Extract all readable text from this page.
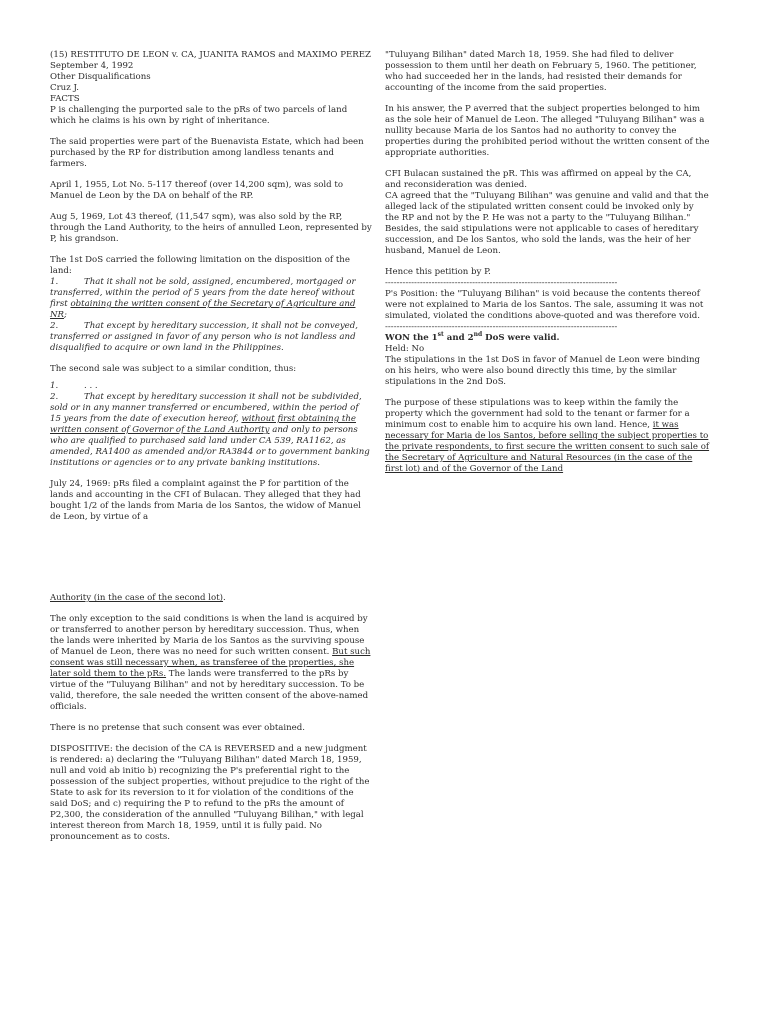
(15) RESTITUTO DE LEON v. CA, JUANITA RAMOS and MAXIMO PEREZ

September 4, 1992

Other Disqualifications

Cruz J.

FACTS

P is challenging the purported sale to the pRs of two parcels of land which he claims is his own by right of inheritance.

The said properties were part of the Buenavista Estate, which had been purchased by the RP for distribution among landless tenants and farmers.

April 1, 1955, Lot No. 5-117 thereof (over 14,200 sqm), was sold to Manuel de Leon by the DA on behalf of the RP.

Aug 5, 1969, Lot 43 thereof, (11,547 sqm), was also sold by the RP, through the Land Authority, to the heirs of annulled Leon, represented by P, his grandson.

The 1st DoS carried the following limitation on the disposition of the land:

1.	That it shall not be sold, assigned, encumbered, mortgaged or transferred, within the period of 5 years from the date hereof without first obtaining the written consent of the Secretary of Agriculture and NR;

2.	That except by hereditary succession, it shall not be conveyed, transferred or assigned in favor of any person who is not landless and disqualified to acquire or own land in the Philippines.

The second sale was subject to a similar condition, thus:

1.	. . .

2.	That except by hereditary succession it shall not be subdivided, sold or in any manner transferred or encumbered, within the period of 15 years from the date of execution hereof, without first obtaining the written consent of Governor of the Land Authority and only to persons who are qualified to purchased said land under CA 539, RA1162, as amended, RA1400 as amended and/or RA3844 or to government banking institutions or agencies or to any private banking institutions.

July 24, 1969: pRs filed a complaint against the P for partition of the lands and accounting in the CFI of Bulacan. They alleged that they had bought 1/2 of the lands from Maria de los Santos, the widow of Manuel de Leon, by virtue of a

"Tuluyang Bilihan" dated March 18, 1959. She had filed to deliver possession to them until her death on February 5, 1960. The petitioner, who had succeeded her in the lands, had resisted their demands for accounting of the income from the said properties.

In his answer, the P averred that the subject properties belonged to him as the sole heir of Manuel de Leon. The alleged "Tuluyang Bilihan" was a nullity because Maria de los Santos had no authority to convey the properties during the prohibited period without the written consent of the appropriate authorities.

CFI Bulacan sustained the pR. This was affirmed on appeal by the CA, and reconsideration was denied.

CA agreed that the "Tuluyang Bilihan" was genuine and valid and that the alleged lack of the stipulated written consent could be invoked only by the RP and not by the P. He was not a party to the "Tuluyang Bilihan." Besides, the said stipulations were not applicable to cases of hereditary succession, and De los Santos, who sold the lands, was the heir of her husband, Manuel de Leon.

Hence this petition by P.

--------------------------------------------------------------------------------

P's Position: the "Tuluyang Bilihan" is void because the contents thereof were not explained to Maria de los Santos. The sale, assuming it was not simulated, violated the conditions above-quoted and was therefore void.

--------------------------------------------------------------------------------

WON the 1st and 2nd DoS were valid.

Held: No

The stipulations in the 1st DoS in favor of Manuel de Leon were binding on his heirs, who were also bound directly this time, by the similar stipulations in the 2nd DoS.

The purpose of these stipulations was to keep within the family the property which the government had sold to the tenant or farmer for a minimum cost to enable him to acquire his own land. Hence, it was necessary for Maria de los Santos, before selling the subject properties to the private respondents, to first secure the written consent to such sale of the Secretary of Agriculture and Natural Resources (in the case of the first lot) and of the Governor of the Land

Authority (in the case of the second lot).

The only exception to the said conditions is when the land is acquired by or transferred to another person by hereditary succession. Thus, when the lands were inherited by Maria de los Santos as the surviving spouse of Manuel de Leon, there was no need for such written consent. But such consent was still necessary when, as transferee of the properties, she later sold them to the pRs. The lands were transferred to the pRs by virtue of the "Tuluyang Bilihan" and not by hereditary succession. To be valid, therefore, the sale needed the written consent of the above-named officials.

There is no pretense that such consent was ever obtained.

DISPOSITIVE: the decision of the CA is REVERSED and a new judgment is rendered: a) declaring the "Tuluyang Bilihan" dated March 18, 1959, null and void ab initio b) recognizing the P's preferential right to the possession of the subject properties, without prejudice to the right of the State to ask for its reversion to it for violation of the conditions of the said DoS; and c) requiring the P to refund to the pRs the amount of P2,300, the consideration of the annulled "Tuluyang Bilihan," with legal interest thereon from March 18, 1959, until it is fully paid. No pronouncement as to costs.
